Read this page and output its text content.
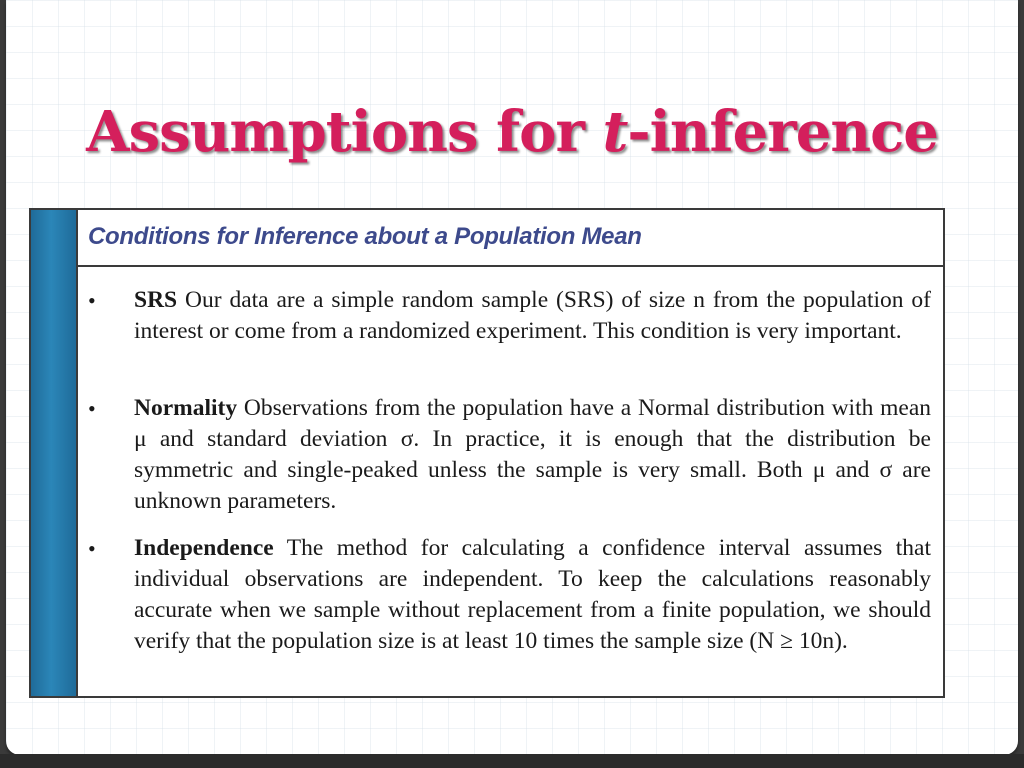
Assumptions for t-inference
Conditions for Inference about a Population Mean
• SRS Our data are a simple random sample (SRS) of size n from the population of interest or come from a randomized experiment. This condition is very important.
• Normality Observations from the population have a Normal distribution with mean μ and standard deviation σ. In practice, it is enough that the distribution be symmetric and single-peaked unless the sample is very small. Both μ and σ are unknown parameters.
• Independence The method for calculating a confidence interval assumes that individual observations are independent. To keep the calculations reasonably accurate when we sample without replacement from a finite population, we should verify that the population size is at least 10 times the sample size (N ≥ 10n).
